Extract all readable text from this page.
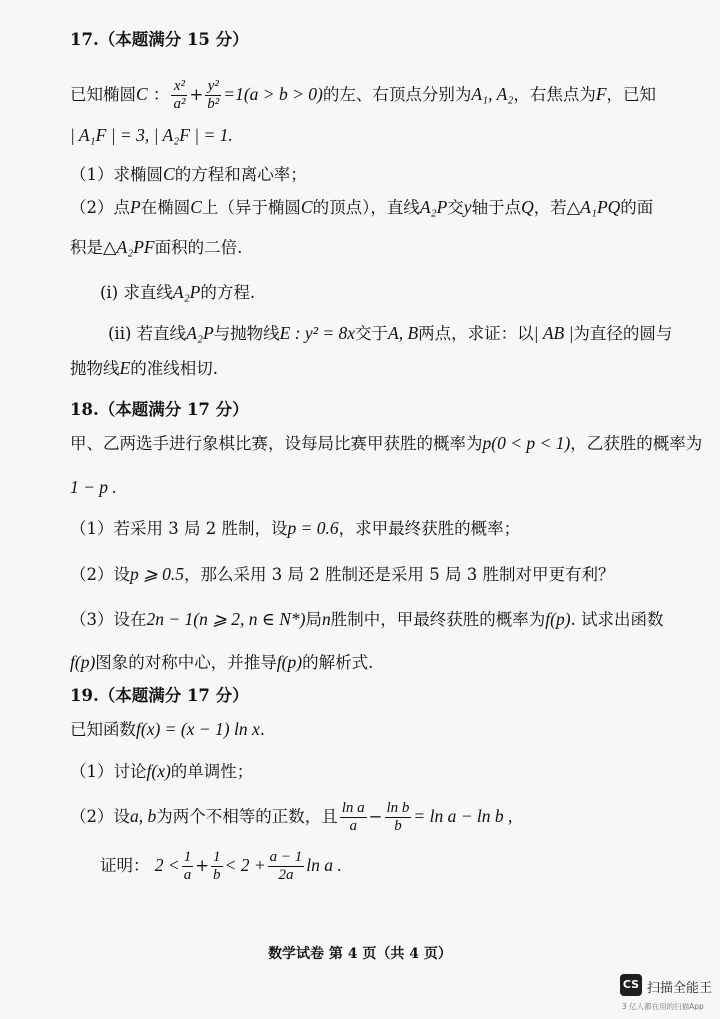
17.（本题满分 15 分）
已知椭圆C ： $\frac{\text{x²}}{\text{a²}} + \frac{\text{y²}}{\text{b²}} =1(a > b > 0)$的左、右顶点分别为A₁, A₂，右焦点为F，已知
| A₁F | = 3, | A₂F | = 1.
（1）求椭圆C的方程和离心率；
（2）点P在椭圆C上（异于椭圆C的顶点），直线A₂P交y轴于点Q，若△A₁PQ的面
积是△A₂PF面积的二倍.
(i) 求直线A₂P的方程.
(ii) 若直线A₂P与抛物线E : y² = 8x交于A, B两点，求证：以| AB |为直径的圆与
抛物线E的准线相切.
18.（本题满分 17 分）
甲、乙两选手进行象棋比赛，设每局比赛甲获胜的概率为p(0 < p < 1)，乙获胜的概率为
1 − p .
（1）若采用 3 局 2 胜制，设p = 0.6，求甲最终获胜的概率；
（2）设p ⩾ 0.5，那么采用 3 局 2 胜制还是采用 5 局 3 胜制对甲更有利？
（3）设在2n − 1(n ⩾ 2, n ∈ N*)局n胜制中，甲最终获胜的概率为f(p). 试求出函数
f(p)图象的对称中心，并推导f(p)的解析式.
19.（本题满分 17 分）
已知函数f(x) = (x − 1) ln x.
（1）讨论f(x)的单调性；
（2）设a, b为两个不相等的正数，且 $\frac{\text{ln a}}{a} - \frac{\text{ln b}}{b} = \ln a - \ln b$ ,
证明： $2 < \frac{1}{a} + \frac{1}{b} < 2 + \frac{a - 1}{2a}$ ln a .
数学试卷 第 4 页（共 4 页）
CS 扫描全能王
3 亿人都在用的扫描App
